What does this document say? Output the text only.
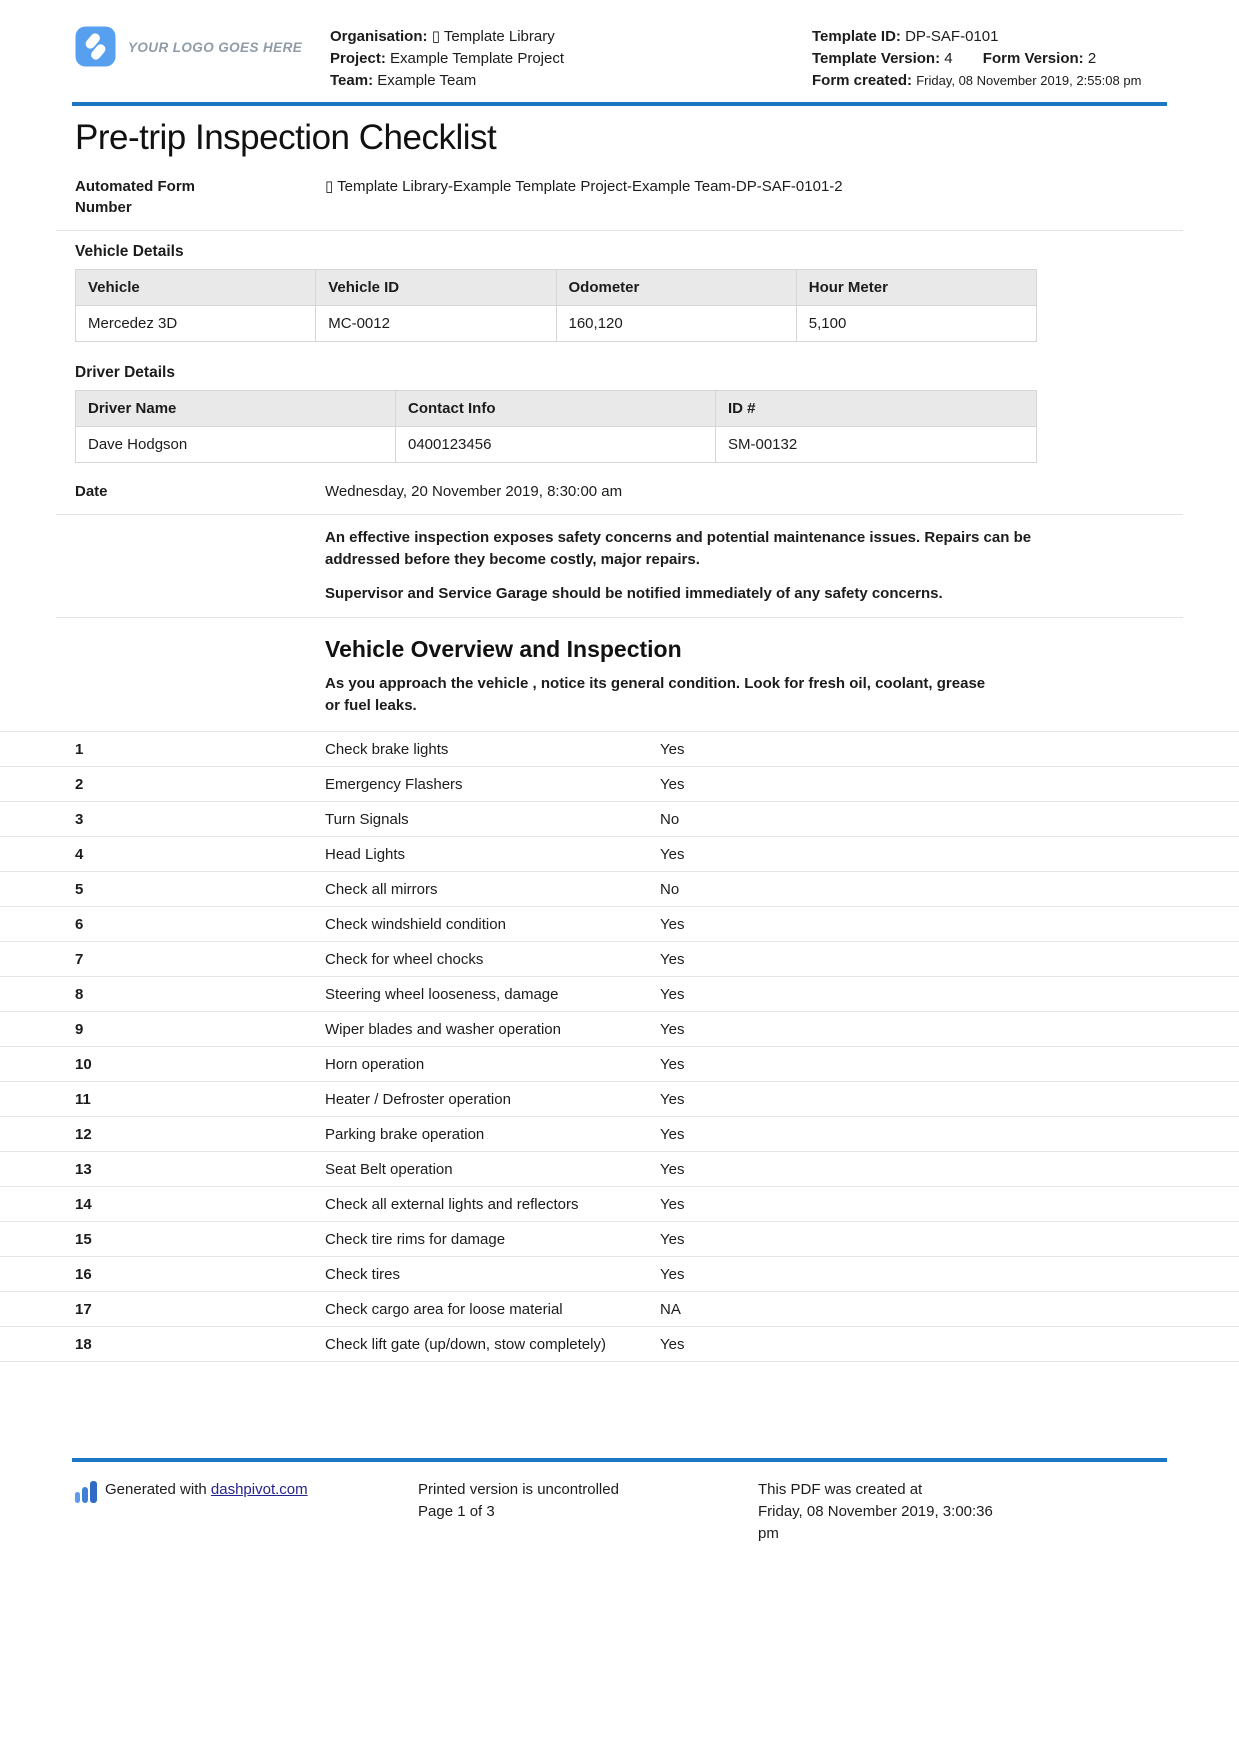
YOUR LOGO GOES HERE
Organisation: ▯ Template Library
Project: Example Template Project
Team: Example Team
Template ID: DP-SAF-0101
Template Version: 4 Form Version: 2
Form created: Friday, 08 November 2019, 2:55:08 pm
Pre-trip Inspection Checklist
Automated Form Number
▯ Template Library-Example Template Project-Example Team-DP-SAF-0101-2
Vehicle Details
Vehicle	Vehicle ID	Odometer	Hour Meter
Mercedez 3D	MC-0012	160,120	5,100
Driver Details
Driver Name	Contact Info	ID #
Dave Hodgson	0400123456	SM-00132
Date	Wednesday, 20 November 2019, 8:30:00 am

An effective inspection exposes safety concerns and potential maintenance issues. Repairs can be addressed before they become costly, major repairs.

Supervisor and Service Garage should be notified immediately of any safety concerns.

Vehicle Overview and Inspection

As you approach the vehicle , notice its general condition. Look for fresh oil, coolant, grease or fuel leaks.

1	Check brake lights	Yes
2	Emergency Flashers	Yes
3	Turn Signals	No
4	Head Lights	Yes
5	Check all mirrors	No
6	Check windshield condition	Yes
7	Check for wheel chocks	Yes
8	Steering wheel looseness, damage	Yes
9	Wiper blades and washer operation	Yes
10	Horn operation	Yes
11	Heater / Defroster operation	Yes
12	Parking brake operation	Yes
13	Seat Belt operation	Yes
14	Check all external lights and reflectors	Yes
15	Check tire rims for damage	Yes
16	Check tires	Yes
17	Check cargo area for loose material	NA
18	Check lift gate (up/down, stow completely)	Yes
Generated with dashpivot.com	Printed version is uncontrolled
Page 1 of 3
This PDF was created at
Friday, 08 November 2019, 3:00:36 pm
